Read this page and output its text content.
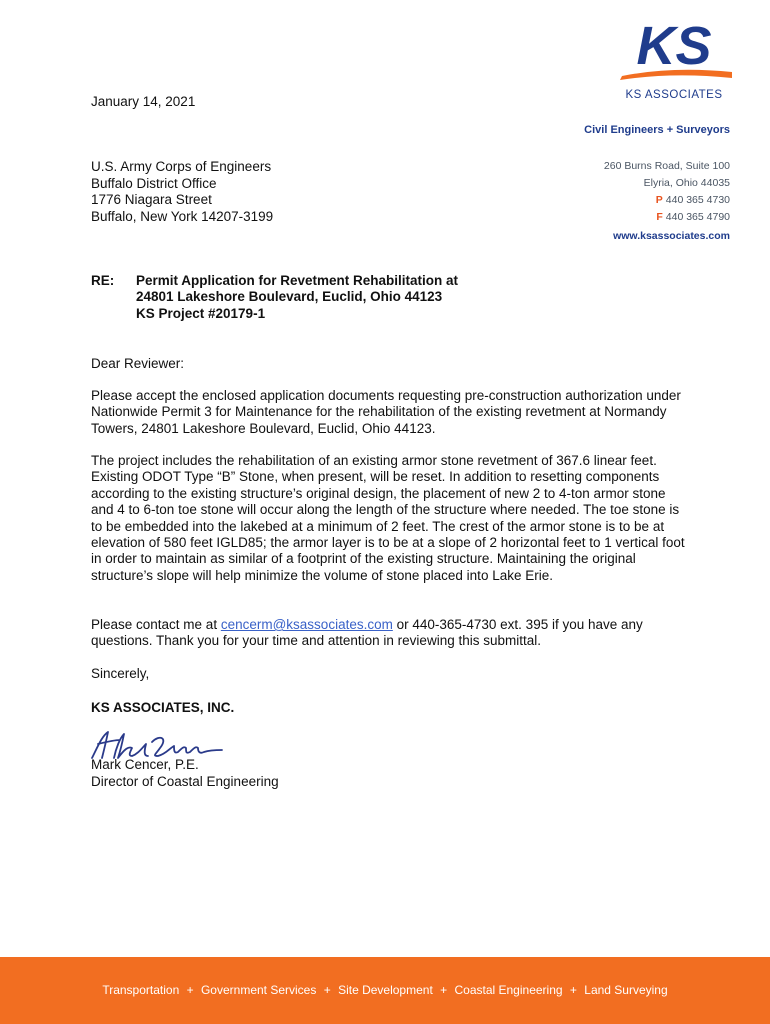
KS
KS ASSOCIATES
Civil Engineers + Surveyors
260 Burns Road, Suite 100
Elyria, Ohio 44035
P 440 365 4730
F 440 365 4790
www.ksassociates.com
January 14, 2021
U.S. Army Corps of Engineers
Buffalo District Office
1776 Niagara Street
Buffalo, New York 14207-3199
RE: Permit Application for Revetment Rehabilitation at
24801 Lakeshore Boulevard, Euclid, Ohio 44123
KS Project #20179-1
Dear Reviewer:
Please accept the enclosed application documents requesting pre-construction authorization under Nationwide Permit 3 for Maintenance for the rehabilitation of the existing revetment at Normandy Towers, 24801 Lakeshore Boulevard, Euclid, Ohio 44123.
The project includes the rehabilitation of an existing armor stone revetment of 367.6 linear feet. Existing ODOT Type “B” Stone, when present, will be reset. In addition to resetting components according to the existing structure’s original design, the placement of new 2 to 4-ton armor stone and 4 to 6-ton toe stone will occur along the length of the structure where needed. The toe stone is to be embedded into the lakebed at a minimum of 2 feet. The crest of the armor stone is to be at elevation of 580 feet IGLD85; the armor layer is to be at a slope of 2 horizontal feet to 1 vertical foot in order to maintain as similar of a footprint of the existing structure. Maintaining the original structure’s slope will help minimize the volume of stone placed into Lake Erie.
Please contact me at cencerm@ksassociates.com or 440-365-4730 ext. 395 if you have any questions. Thank you for your time and attention in reviewing this submittal.
Sincerely,
KS ASSOCIATES, INC.
Mark Cencer, P.E.
Director of Coastal Engineering
Transportation + Government Services + Site Development + Coastal Engineering + Land Surveying
